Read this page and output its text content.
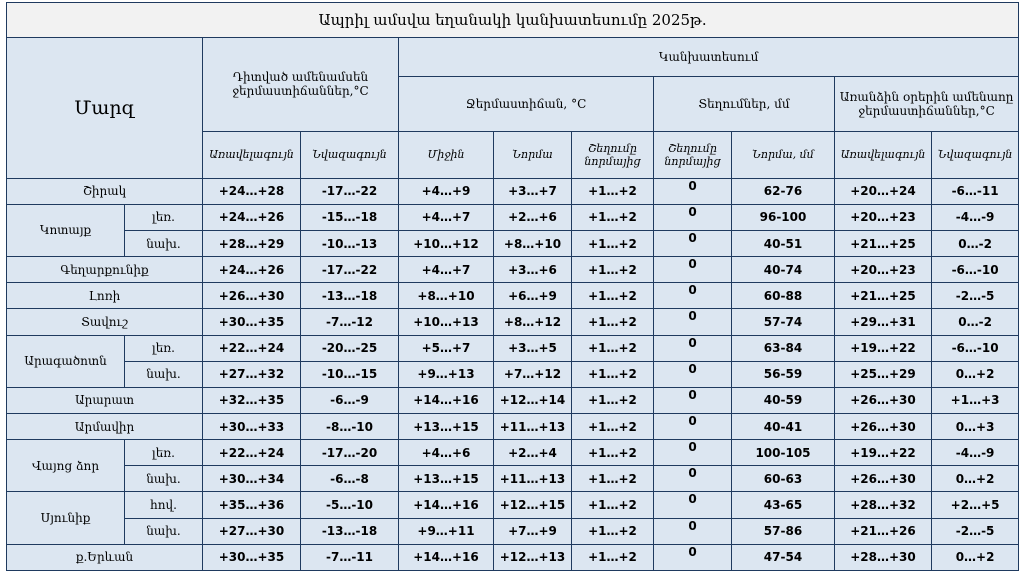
Ապրիլ ամսվա եղանակի կանխատեսումը 2025թ.										
Մարզ		Դիտված ամենամսեն ջերմաստիճաններ,°C		Կանխատեսում						
				Ջերմաստիճան, °C			Տեղումներ, մմ		Առանձին օրերին ամենաոը ջերմաստիճաններ,°C	
		Առավելագույն	Նվազագույն	Միջին	Նորմա	Շեղումը նորմայից	Շեղումը նորմայից	Նորմա, մմ	Առավելագույն	Նվազագույն
Շիրակ		+24…+28	-17…-22	+4…+9	+3…+7	+1…+2	0	62-76	+20…+24	-6…-11
Կոտայք	լեռ.	+24…+26	-15…-18	+4…+7	+2…+6	+1…+2	0	96-100	+20…+23	-4…-9
	նախ.	+28…+29	-10…-13	+10…+12	+8…+10	+1…+2	0	40-51	+21…+25	0…-2
Գեղարքունիք		+24…+26	-17…-22	+4…+7	+3…+6	+1…+2	0	40-74	+20…+23	-6…-10
Լոռի		+26…+30	-13…-18	+8…+10	+6…+9	+1…+2	0	60-88	+21…+25	-2…-5
Տավուշ		+30…+35	-7…-12	+10…+13	+8…+12	+1…+2	0	57-74	+29…+31	0…-2
Արագածոտն	լեռ.	+22…+24	-20…-25	+5…+7	+3…+5	+1…+2	0	63-84	+19…+22	-6…-10
	նախ.	+27…+32	-10…-15	+9…+13	+7…+12	+1…+2	0	56-59	+25…+29	0…+2
Արարատ		+32…+35	-6…-9	+14…+16	+12…+14	+1…+2	0	40-59	+26…+30	+1…+3
Արմավիր		+30…+33	-8…-10	+13…+15	+11…+13	+1…+2	0	40-41	+26…+30	0…+3
Վայոց ձոր	լեռ.	+22…+24	-17…-20	+4…+6	+2…+4	+1…+2	0	100-105	+19…+22	-4…-9
	նախ.	+30…+34	-6…-8	+13…+15	+11…+13	+1…+2	0	60-63	+26…+30	0…+2
Սյունիք	հով.	+35…+36	-5…-10	+14…+16	+12…+15	+1…+2	0	43-65	+28…+32	+2…+5
	նախ.	+27…+30	-13…-18	+9…+11	+7…+9	+1…+2	0	57-86	+21…+26	-2…-5
ք.Երևան		+30…+35	-7…-11	+14…+16	+12…+13	+1…+2	0	47-54	+28…+30	0…+2
